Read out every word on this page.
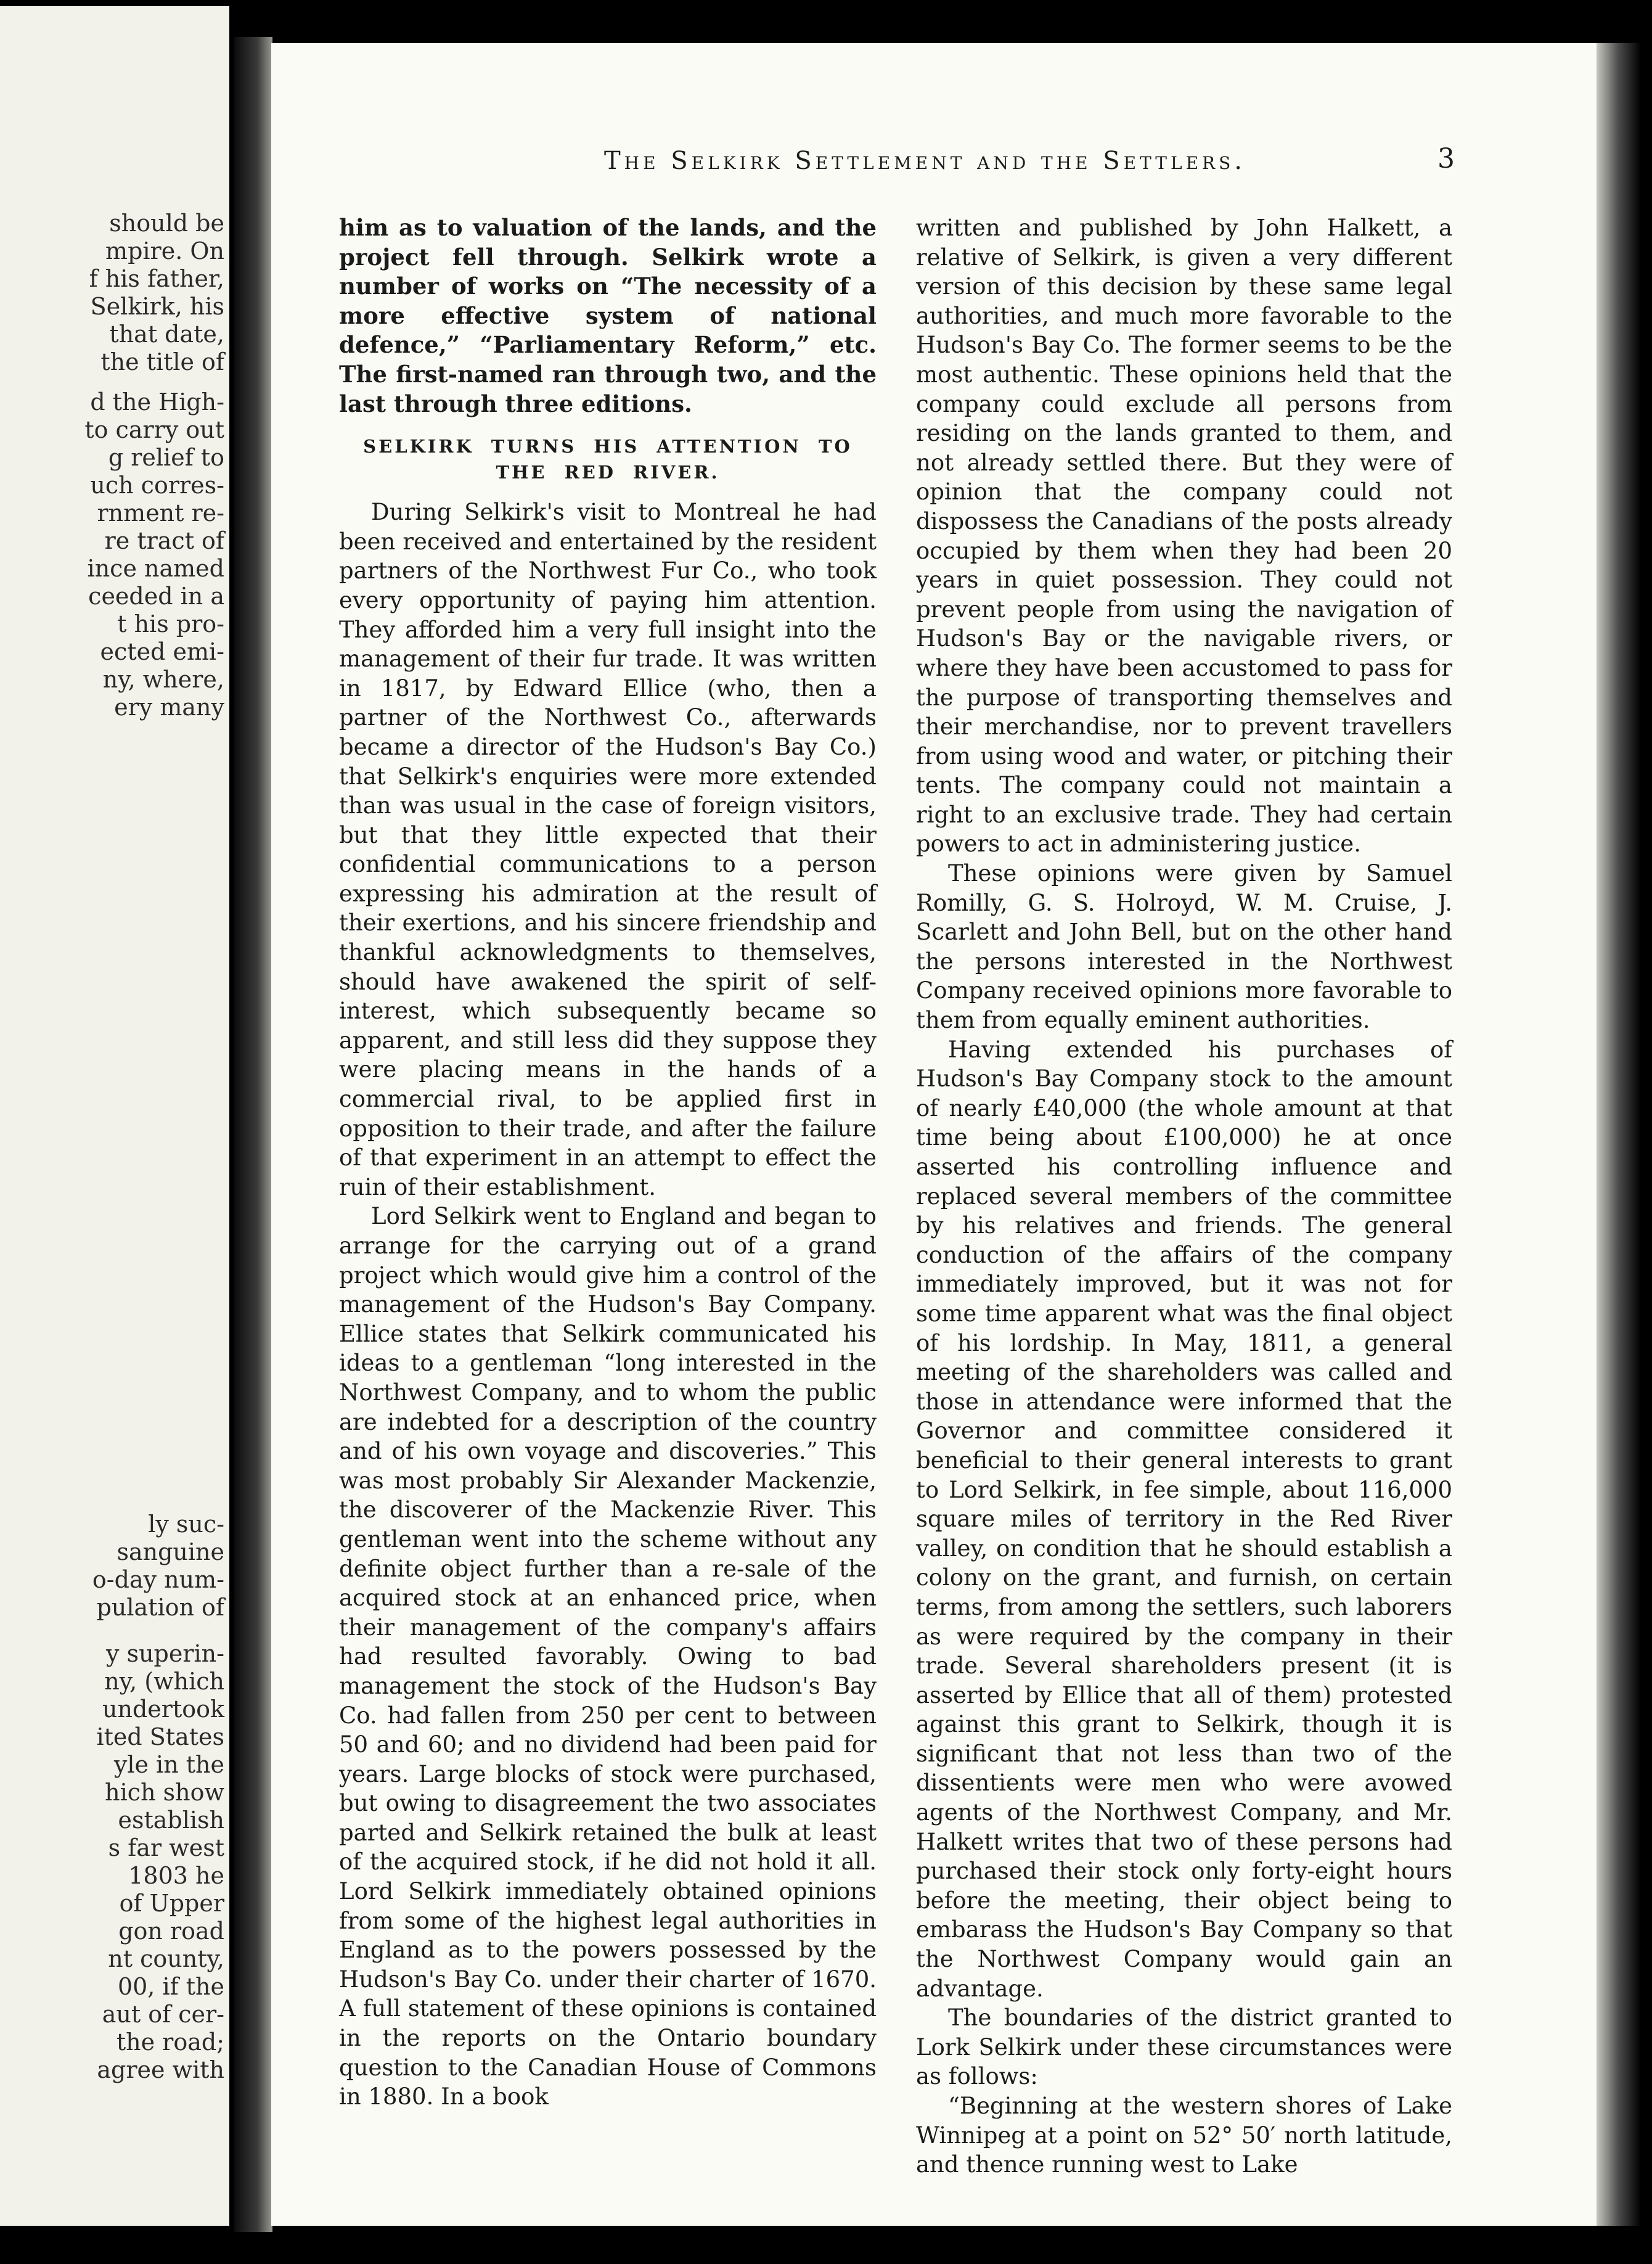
should be
mpire. On
f his father,
Selkirk, his
that date,
the title of
d the High-
to carry out
g relief to
uch corres-
rnment re-
re tract of
ince named
ceeded in a
t his pro-
ected emi-
ny, where,
ery many
ly suc-
sanguine
o-day num-
pulation of
y superin-
ny, (which
undertook
ited States
yle in the
hich show
establish
s far west
1803 he
of Upper
gon road
nt county,
00, if the
aut of cer-
the road;
agree with
The Selkirk Settlement and the Settlers.	3

him as to valuation of the lands, and the project fell through. Selkirk wrote a number of works on “The necessity of a more effective system of national defence,” “Parliamentary Reform,” etc. The first-named ran through two, and the last through three editions.

SELKIRK TURNS HIS ATTENTION TO THE RED RIVER.

During Selkirk's visit to Montreal he had been received and entertained by the resident partners of the Northwest Fur Co., who took every opportunity of paying him attention. They afforded him a very full insight into the management of their fur trade. It was written in 1817, by Edward Ellice (who, then a partner of the Northwest Co., afterwards became a director of the Hudson's Bay Co.) that Selkirk's enquiries were more extended than was usual in the case of foreign visitors, but that they little expected that their confidential communications to a person expressing his admiration at the result of their exertions, and his sincere friendship and thankful acknowledgments to themselves, should have awakened the spirit of self-interest, which subsequently became so apparent, and still less did they suppose they were placing means in the hands of a commercial rival, to be applied first in opposition to their trade, and after the failure of that experiment in an attempt to effect the ruin of their establishment.

Lord Selkirk went to England and began to arrange for the carrying out of a grand project which would give him a control of the management of the Hudson's Bay Company. Ellice states that Selkirk communicated his ideas to a gentleman “long interested in the Northwest Company, and to whom the public are indebted for a description of the country and of his own voyage and discoveries.” This was most probably Sir Alexander Mackenzie, the discoverer of the Mackenzie River. This gentleman went into the scheme without any definite object further than a re-sale of the acquired stock at an enhanced price, when their management of the company's affairs had resulted favorably. Owing to bad management the stock of the Hudson's Bay Co. had fallen from 250 per cent to between 50 and 60; and no dividend had been paid for years. Large blocks of stock were purchased, but owing to disagreement the two associates parted and Selkirk retained the bulk at least of the acquired stock, if he did not hold it all. Lord Selkirk immediately obtained opinions from some of the highest legal authorities in England as to the powers possessed by the Hudson's Bay Co. under their charter of 1670. A full statement of these opinions is contained in the reports on the Ontario boundary question to the Canadian House of Commons in 1880. In a book

written and published by John Halkett, a relative of Selkirk, is given a very different version of this decision by these same legal authorities, and much more favorable to the Hudson's Bay Co. The former seems to be the most authentic. These opinions held that the company could exclude all persons from residing on the lands granted to them, and not already settled there. But they were of opinion that the company could not dispossess the Canadians of the posts already occupied by them when they had been 20 years in quiet possession. They could not prevent people from using the navigation of Hudson's Bay or the navigable rivers, or where they have been accustomed to pass for the purpose of transporting themselves and their merchandise, nor to prevent travellers from using wood and water, or pitching their tents. The company could not maintain a right to an exclusive trade. They had certain powers to act in administering justice.

These opinions were given by Samuel Romilly, G. S. Holroyd, W. M. Cruise, J. Scarlett and John Bell, but on the other hand the persons interested in the Northwest Company received opinions more favorable to them from equally eminent authorities.

Having extended his purchases of Hudson's Bay Company stock to the amount of nearly £40,000 (the whole amount at that time being about £100,000) he at once asserted his controlling influence and replaced several members of the committee by his relatives and friends. The general conduction of the affairs of the company immediately improved, but it was not for some time apparent what was the final object of his lordship. In May, 1811, a general meeting of the shareholders was called and those in attendance were informed that the Governor and committee considered it beneficial to their general interests to grant to Lord Selkirk, in fee simple, about 116,000 square miles of territory in the Red River valley, on condition that he should establish a colony on the grant, and furnish, on certain terms, from among the settlers, such laborers as were required by the company in their trade. Several shareholders present (it is asserted by Ellice that all of them) protested against this grant to Selkirk, though it is significant that not less than two of the dissentients were men who were avowed agents of the Northwest Company, and Mr. Halkett writes that two of these persons had purchased their stock only forty-eight hours before the meeting, their object being to embarass the Hudson's Bay Company so that the Northwest Company would gain an advantage.

The boundaries of the district granted to Lork Selkirk under these circumstances were as follows:

“Beginning at the western shores of Lake Winnipeg at a point on 52° 50′ north latitude, and thence running west to Lake
